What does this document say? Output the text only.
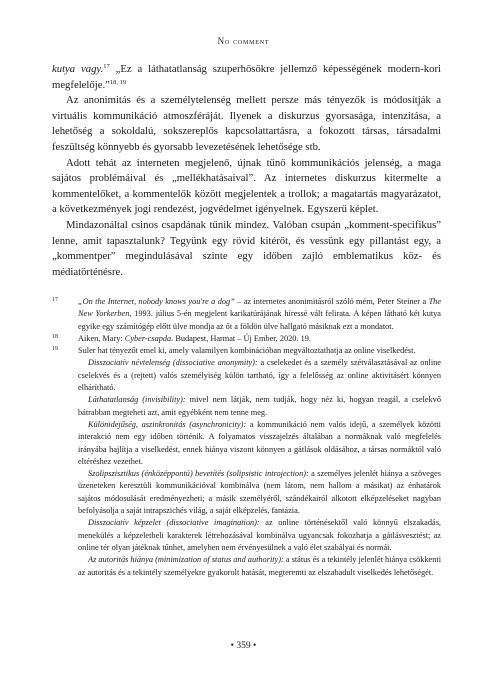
No comment

kutya vagy.$^{17}$ „Ez a láthatatlanság szuperhősökre jellemző képességének modern-kori megfelelője.”$^{18, 19}$

Az anonimitás és a személytelenség mellett persze más tényezők is módosítják a virtuális kommunikáció atmoszféráját. Ilyenek a diskurzus gyorsasága, intenzitása, a lehetőség a sokoldalú, sokszereplős kapcsolattartásra, a fokozott társas, társadalmi feszültség könnyebb és gyorsabb levezetésének lehetősége stb.

Adott tehát az interneten megjelenő, újnak tűnő kommunikációs jelenség, a maga sajátos problémáival és „mellékhatásaival”. Az internetes diskurzus kitermelte a kommentelőket, a kommentelők között megjelentek a trollok; a magatartás magyarázatot, a következmények jogi rendezést, jogvédelmet igényelnek. Egyszerű képlet.

Mindazonáltal csinos csapdának tűnik mindez. Valóban csupán „komment-specifikus” lenne, amit tapasztalunk? Tegyünk egy rövid kitérőt, és vessünk egy pillantást egy, a „kommentper” megindulásával szinte egy időben zajló emblematikus köz- és médiatörténésre.

17 „On the Internet, nobody knows you're a dog” – az internetes anonimitásról szóló mém, Peter Steiner a The New Yorkerben, 1993. július 5-én megjelent karikatúrájának híressé vált felirata. A képen látható két kutya egyike egy számítógép előtt ülve mondja az őt a földön ülve hallgató másiknak ezt a mondatot.

18 Aiken, Mary: Cyber-csapda. Budapest, Harmat – Új Ember, 2020. 19.

19 Suler hat tényezőt emel ki, amely valamilyen kombinációban megváltoztathatja az online viselkedést.

Disszociatív névtelenség (dissociative anonymity): a cselekedet és a személy szétválasztásával az online cselekvés és a (rejtett) valós személyiség külön tartható, így a felelősség az online aktivitásért könnyen elhárítható.

Láthatatlanság (invisibility): mivel nem látják, nem tudják, hogy néz ki, hogyan reagál, a cselekvő bátrabban megteheti azt, amit egyébként nem tenne meg.

Különidejűség, aszinkronitás (asynchronicity): a kommunikáció nem valós idejű, a személyek közötti interakció nem egy időben történik. A folyamatos visszajelzés általában a normáknak való megfelelés irányába hajlítja a viselkedést, ennek hiánya viszont könnyen a gátlások oldásához, a társas normáktól való eltéréshez vezethet.

Szolipszisztikus (énközéppontú) bevetítés (solipsistic introjection): a személyes jelenlét hiánya a szöveges üzeneteken keresztüli kommunikációval kombinálva (nem látom, nem hallom a másikat) az énhatárok sajátos módosulását eredményezheti; a másik személyéről, szándékairól alkotott elképzeléseket nagyban befolyásolja a saját intrapszichés világ, a saját elképzelés, fantázia.

Disszociatív képzelet (dissociative imagination): az online történésektől való könnyű elszakadás, menekülés a képzeletbeli karakterek létrehozásával kombinálva ugyancsak fokozhatja a gátlásvesztést; az online tér olyan játéknak tűnhet, amelyben nem érvényesülnek a való élet szabályai és normái.

Az autoritás hiánya (minimization of status and authority): a státus és a tekintély jelenlét hiánya csökkenti az autoritás és a tekintély személyekre gyakorolt hatását, megteremti az elszabadult viselkedés lehetőségét.

• 359 •
